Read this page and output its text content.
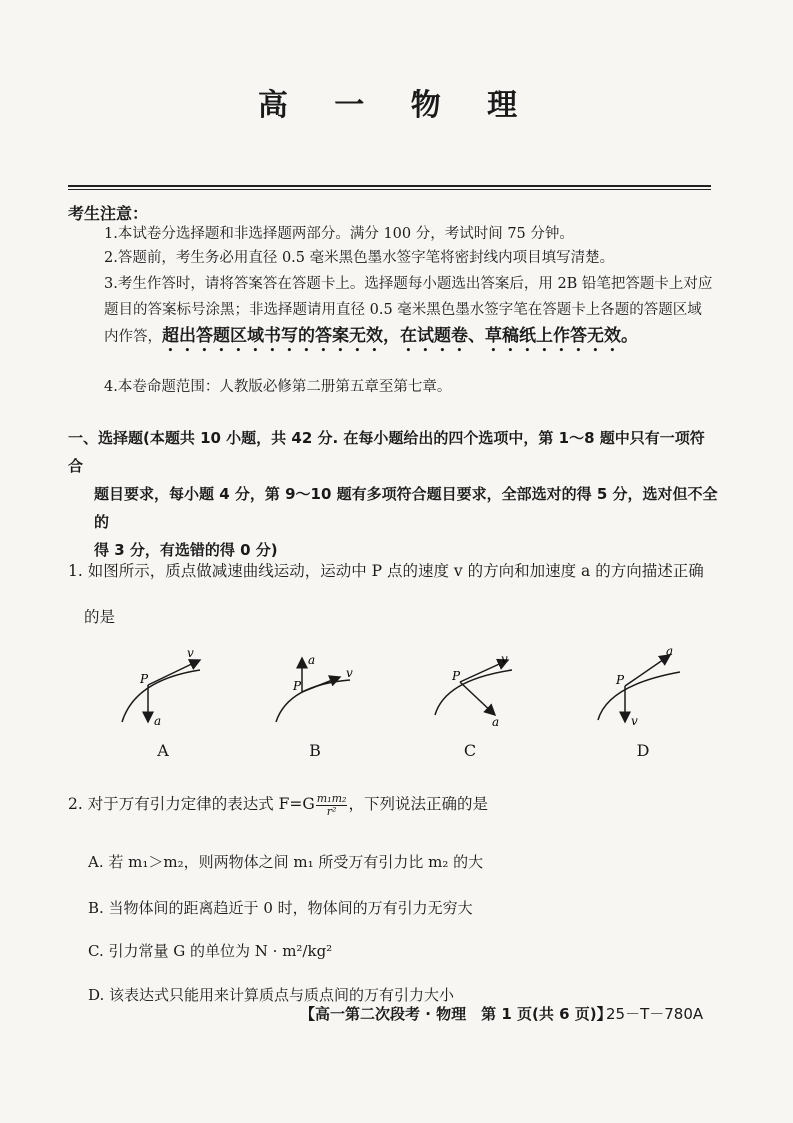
高 一 物 理
考生注意：
1.本试卷分选择题和非选择题两部分。满分 100 分，考试时间 75 分钟。
2.答题前，考生务必用直径 0.5 毫米黑色墨水签字笔将密封线内项目填写清楚。
3.考生作答时，请将答案答在答题卡上。选择题每小题选出答案后，用 2B 铅笔把答题卡上对应题目的答案标号涂黑；非选择题请用直径 0.5 毫米黑色墨水签字笔在答题卡上各题的答题区域内作答，超出答题区域书写的答案无效，在试题卷、草稿纸上作答无效。
4.本卷命题范围：人教版必修第二册第五章至第七章。
一、选择题(本题共 10 小题，共 42 分. 在每小题给出的四个选项中，第 1～8 题中只有一项符合

题目要求，每小题 4 分，第 9～10 题有多项符合题目要求，全部选对的得 5 分，选对但不全的
得 3 分，有选错的得 0 分)
1. 如图所示，质点做减速曲线运动，运动中 P 点的速度 v 的方向和加速度 a 的方向描述正确
的是
P
v
a
P
v
a
P
v
a
P
a
v
A	B	C	D
2. 对于万有引力定律的表达式 $F=G \frac{\text{m₁m₂}}{\text{r²}}$ ，下列说法正确的是
A. 若 m₁＞m₂，则两物体之间 m₁ 所受万有引力比 m₂ 的大
B. 当物体间的距离趋近于 0 时，物体间的万有引力无穷大
C. 引力常量 G 的单位为 N · m²/kg²
D. 该表达式只能用来计算质点与质点间的万有引力大小
【高一第二次段考 · 物理　第 1 页(共 6 页)】
25－T－780A
